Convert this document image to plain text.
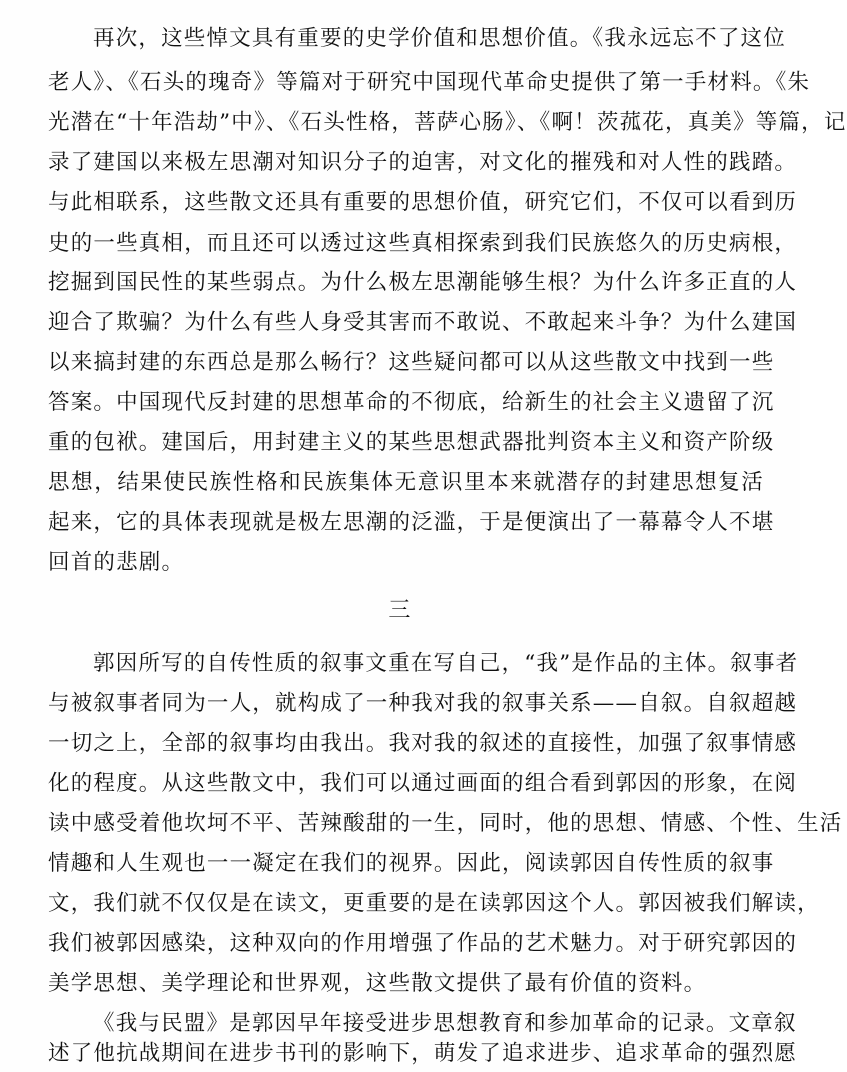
再次，这些悼文具有重要的史学价值和思想价值。《我永远忘不了这位
老人》、《石头的瑰奇》等篇对于研究中国现代革命史提供了第一手材料。《朱
光潜在“十年浩劫”中》、《石头性格，菩萨心肠》、《啊！茨菰花，真美》等篇，记
录了建国以来极左思潮对知识分子的迫害，对文化的摧残和对人性的践踏。
与此相联系，这些散文还具有重要的思想价值，研究它们，不仅可以看到历
史的一些真相，而且还可以透过这些真相探索到我们民族悠久的历史病根，
挖掘到国民性的某些弱点。为什么极左思潮能够生根？为什么许多正直的人
迎合了欺骗？为什么有些人身受其害而不敢说、不敢起来斗争？为什么建国
以来搞封建的东西总是那么畅行？这些疑问都可以从这些散文中找到一些
答案。中国现代反封建的思想革命的不彻底，给新生的社会主义遗留了沉
重的包袱。建国后，用封建主义的某些思想武器批判资本主义和资产阶级
思想，结果使民族性格和民族集体无意识里本来就潜存的封建思想复活
起来，它的具体表现就是极左思潮的泛滥，于是便演出了一幕幕令人不堪
回首的悲剧。
三
郭因所写的自传性质的叙事文重在写自己，“我”是作品的主体。叙事者
与被叙事者同为一人，就构成了一种我对我的叙事关系——自叙。自叙超越
一切之上，全部的叙事均由我出。我对我的叙述的直接性，加强了叙事情感
化的程度。从这些散文中，我们可以通过画面的组合看到郭因的形象，在阅
读中感受着他坎坷不平、苦辣酸甜的一生，同时，他的思想、情感、个性、生活
情趣和人生观也一一凝定在我们的视界。因此，阅读郭因自传性质的叙事
文，我们就不仅仅是在读文，更重要的是在读郭因这个人。郭因被我们解读，
我们被郭因感染，这种双向的作用增强了作品的艺术魅力。对于研究郭因的
美学思想、美学理论和世界观，这些散文提供了最有价值的资料。
《我与民盟》是郭因早年接受进步思想教育和参加革命的记录。文章叙
述了他抗战期间在进步书刊的影响下，萌发了追求进步、追求革命的强烈愿
